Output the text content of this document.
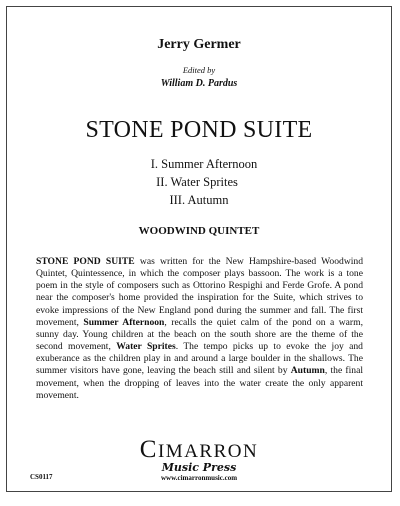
Jerry Germer
Edited by
William D. Pardus
STONE POND SUITE
I. Summer Afternoon
II. Water Sprites
III. Autumn
WOODWIND QUINTET
STONE POND SUITE was written for the New Hampshire-based Woodwind Quintet, Quintessence, in which the composer plays bassoon. The work is a tone poem in the style of composers such as Ottorino Respighi and Ferde Grofe. A pond near the composer's home provided the inspiration for the Suite, which strives to evoke impressions of the New England pond during the summer and fall. The first movement, Summer Afternoon, recalls the quiet calm of the pond on a warm, sunny day. Young children at the beach on the south shore are the theme of the second movement, Water Sprites. The tempo picks up to evoke the joy and exuberance as the children play in and around a large boulder in the shallows. The summer visitors have gone, leaving the beach still and silent by Autumn, the final movement, when the dropping of leaves into the water create the only apparent movement.
CIMARRON
Music Press
www.cimarronmusic.com
CS0117
